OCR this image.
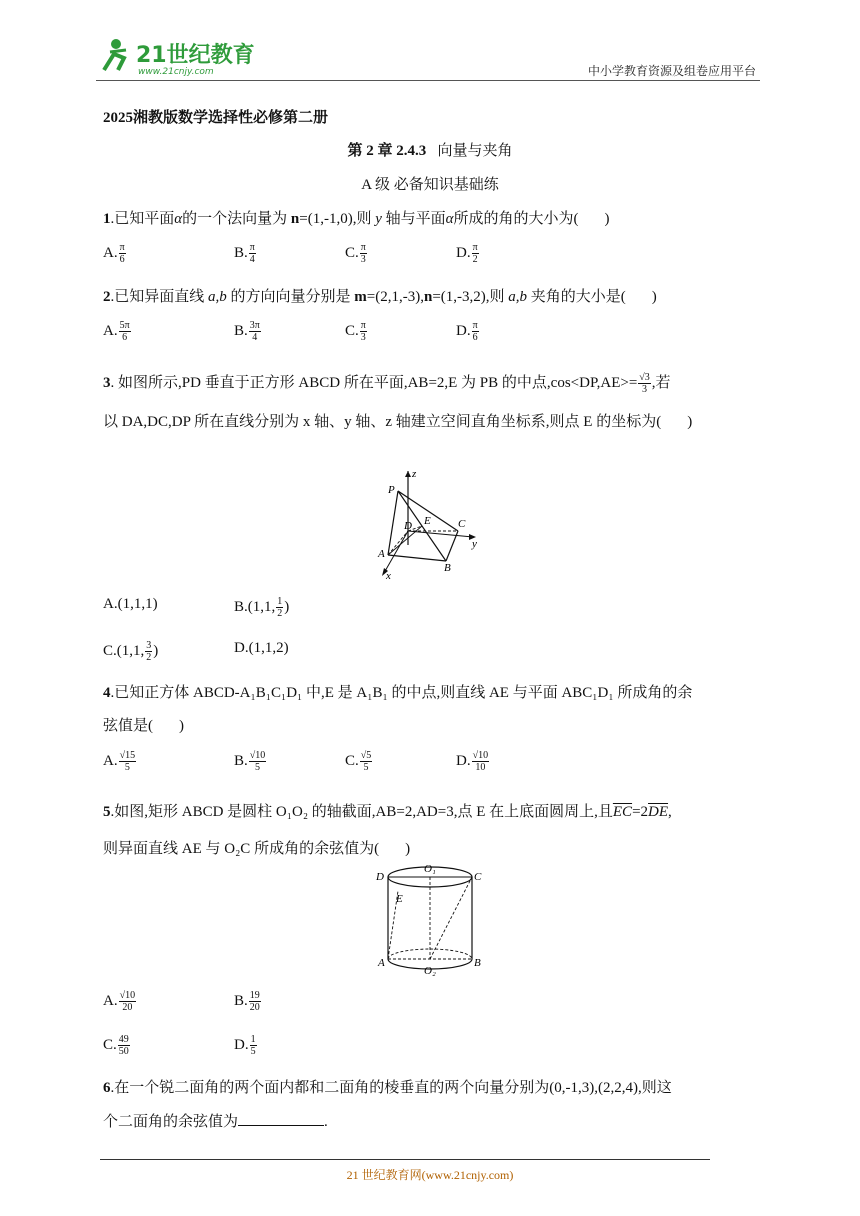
21世纪教育
www.21cnjy.com	中小学教育资源及组卷应用平台
2025湘教版数学选择性必修第二册
第 2 章 2.4.3 向量与夹角
A 级 必备知识基础练
1.已知平面α的一个法向量为 n=(1,-1,0),则 y 轴与平面α所成的角的大小为( )
A. $\frac{\pi}{6}$	B. $\frac{\pi}{4}$	C. $\frac{\pi}{3}$	D. $\frac{\pi}{2}$
2.已知异面直线 a,b 的方向向量分别是 m=(2,1,-3),n=(1,-3,2),则 a,b 夹角的大小是( )
A. $\frac{5\pi}{6}$	B. $\frac{3\pi}{4}$	C. $\frac{\pi}{3}$	D. $\frac{\pi}{6}$
3. 如图所示,PD 垂直于正方形 ABCD 所在平面,AB=2,E 为 PB 的中点$,\cos<DP,AE>= \frac{√3}{3}$ ,若
以 DA,DC,DP 所在直线分别为 x 轴、y 轴、z 轴建立空间直角坐标系,则点 E 的坐标为( )
z
P
D E C
y
A
B
x
A.(1,1,1)	B.(1,1, $\frac{1}{2}$ )
C.(1,1, $\frac{3}{2}$ )	D.(1,1,2)
4.已知正方体 ABCD-A₁B₁C₁D₁ 中,E 是 A₁B₁ 的中点,则直线 AE 与平面 ABC₁D₁ 所成角的余
弦值是( )
A. $\frac{√15}{5}$	B. $\frac{√10}{5}$	C. $\frac{√5}{5}$	D. $\frac{√10}{10}$
5.如图,矩形 ABCD 是圆柱 O₁O₂ 的轴截面,AB=2,AD=3,点 E 在上底面圆周上,且$\overline{EC}=2\overline{DE}$,
则异面直线 AE 与 O₂C 所成角的余弦值为( )
D
O₁
C
E
A
O₂
B
A. $\frac{√10}{20}$	B. $\frac{19}{20}$
C. $\frac{49}{50}$	D. $\frac{1}{5}$
6.在一个锐二面角的两个面内都和二面角的棱垂直的两个向量分别为(0,-1,3),(2,2,4),则这
个二面角的余弦值为	.
21 世纪教育网(www.21cnjy.com)
